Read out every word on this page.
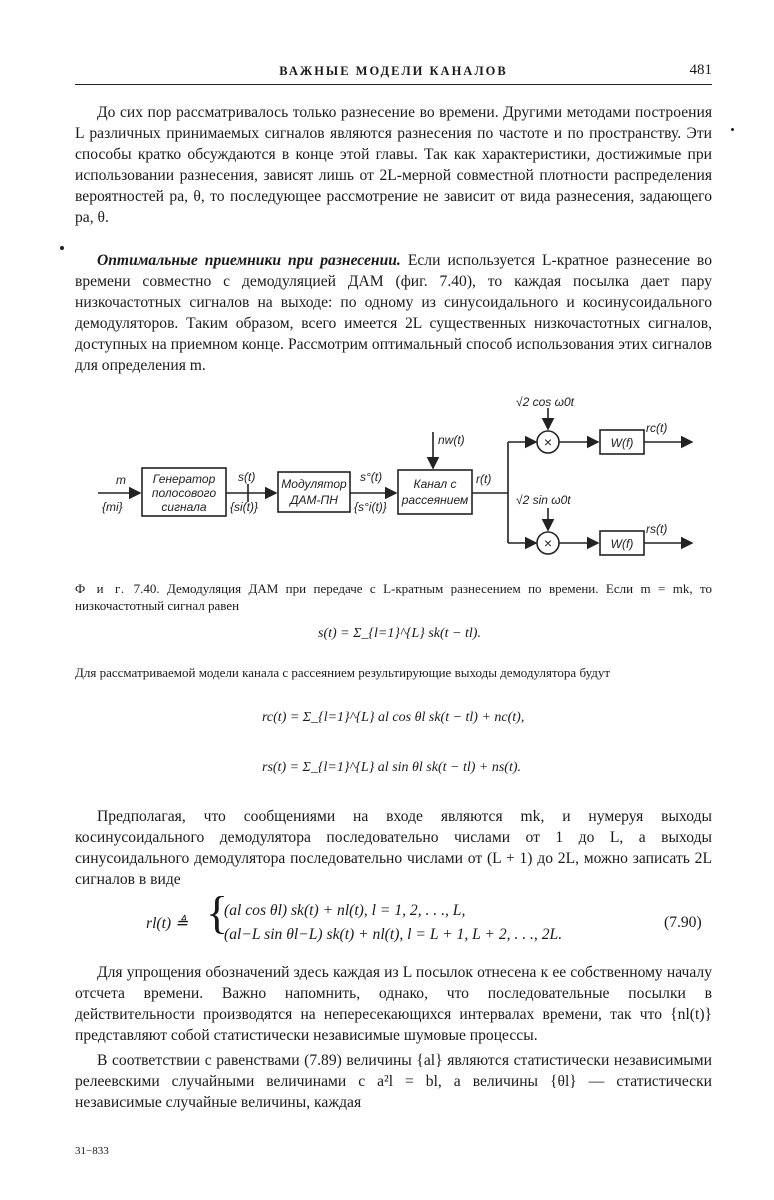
ВАЖНЫЕ МОДЕЛИ КАНАЛОВ	481

До сих пор рассматривалось только разнесение во времени. Другими методами построения L различных принимаемых сигналов являются разнесения по частоте и по пространству. Эти способы кратко обсуждаются в конце этой главы. Так как характеристики, достижимые при использовании разнесения, зависят лишь от 2L-мерной совместной плотности распределения вероятностей pa, θ, то последующее рассмотрение не зависит от вида разнесения, задающего pa, θ.

Оптимальные приемники при разнесении. Если используется L-кратное разнесение во времени совместно с демодуляцией ДАМ (фиг. 7.40), то каждая посылка дает пару низкочастотных сигналов на выходе: по одному из синусоидального и косинусоидального демодуляторов. Таким образом, всего имеется 2L существенных низкочастотных сигналов, доступных на приемном конце. Рассмотрим оптимальный способ использования этих сигналов для определения m.

m
{mi}
Генератор
полосового
сигнала
s(t)
{si(t)}
Модулятор
ДАМ-ПН
s°(t)
{s°i(t)}
Канал с
рассеянием
r(t)
nw(t)
√2 cos ω0t
√2 sin ω0t
×
×
W(f)
W(f)
rc(t)
rs(t)
Ф и г. 7.40. Демодуляция ДАМ при передаче с L-кратным разнесением по времени. Если m = mk, то низкочастотный сигнал равен
s(t) = Σ_{l=1}^{L} sk(t − tl).
Для рассматриваемой модели канала с рассеянием результирующие выходы демодулятора будут
rc(t) = Σ_{l=1}^{L} al cos θl sk(t − tl) + nc(t),
rs(t) = Σ_{l=1}^{L} al sin θl sk(t − tl) + ns(t).

Предполагая, что сообщениями на входе являются mk, и нумеруя выходы косинусоидального демодулятора последовательно числами от 1 до L, а выходы синусоидального демодулятора последовательно числами от (L + 1) до 2L, можно записать 2L сигналов в виде

rl(t) ≜ {
(al cos θl) sk(t) + nl(t), l = 1, 2, . . ., L,
(al−L sin θl−L) sk(t) + nl(t), l = L + 1, L + 2, . . ., 2L.
(7.90)

Для упрощения обозначений здесь каждая из L посылок отнесена к ее собственному началу отсчета времени. Важно напомнить, однако, что последовательные посылки в действительности производятся на непересекающихся интервалах времени, так что {nl(t)} представляют собой статистически независимые шумовые процессы.

В соответствии с равенствами (7.89) величины {al} являются статистически независимыми релеевскими случайными величинами с a²l = bl, а величины {θl} — статистически независимые случайные величины, каждая

31−833
